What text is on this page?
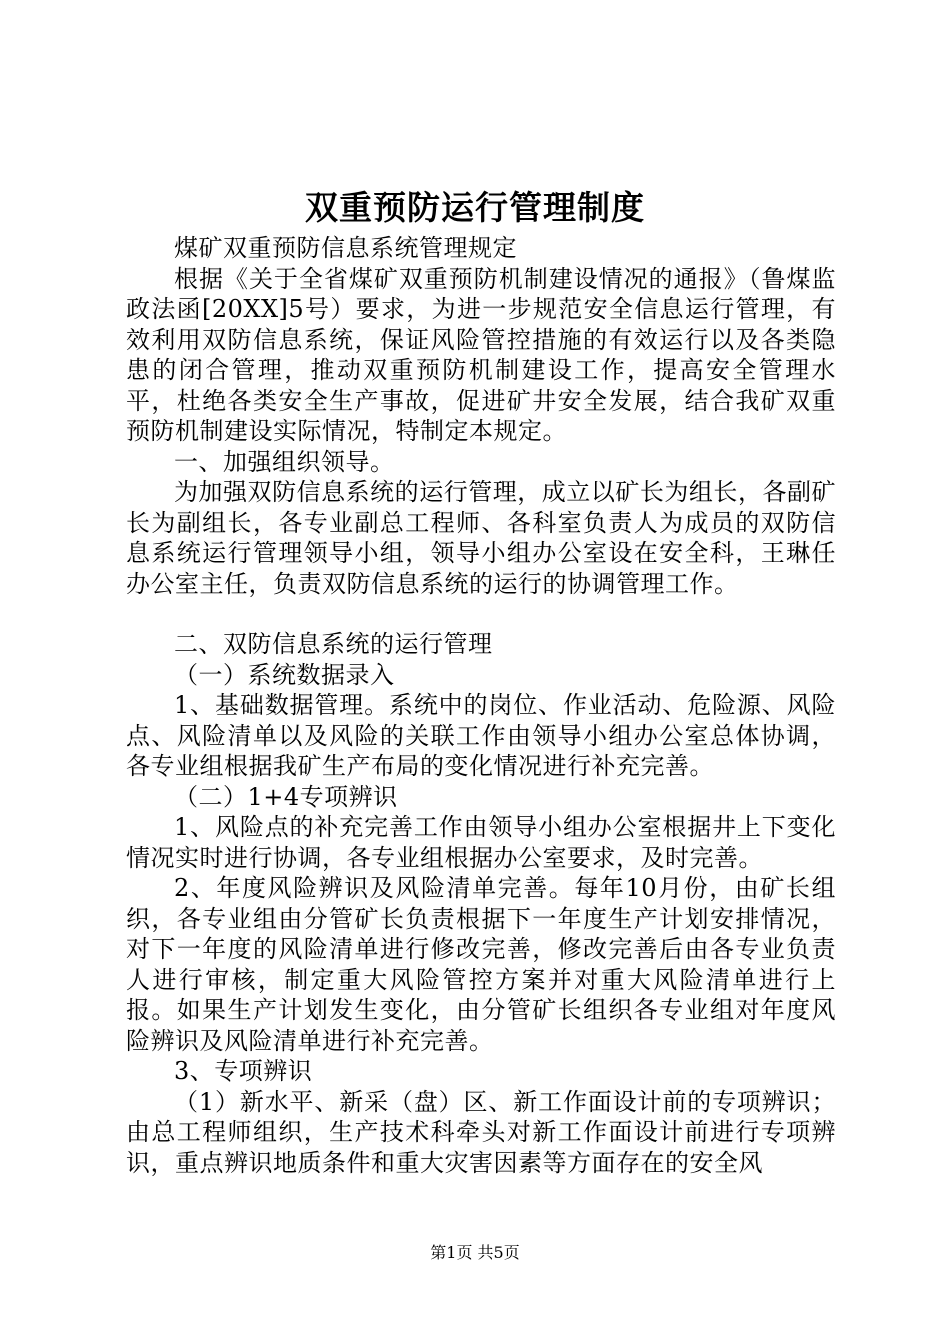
双重预防运行管理制度

煤矿双重预防信息系统管理规定

根据《关于全省煤矿双重预防机制建设情况的通报》（鲁煤监政法函[20XX]5号）要求，为进一步规范安全信息运行管理，有效利用双防信息系统，保证风险管控措施的有效运行以及各类隐患的闭合管理，推动双重预防机制建设工作，提高安全管理水平，杜绝各类安全生产事故，促进矿井安全发展，结合我矿双重预防机制建设实际情况，特制定本规定。

一、加强组织领导。

为加强双防信息系统的运行管理，成立以矿长为组长，各副矿长为副组长，各专业副总工程师、各科室负责人为成员的双防信息系统运行管理领导小组，领导小组办公室设在安全科，王琳任办公室主任，负责双防信息系统的运行的协调管理工作。

二、双防信息系统的运行管理

（一）系统数据录入

1、基础数据管理。系统中的岗位、作业活动、危险源、风险点、风险清单以及风险的关联工作由领导小组办公室总体协调，各专业组根据我矿生产布局的变化情况进行补充完善。

（二）1+4专项辨识

1、风险点的补充完善工作由领导小组办公室根据井上下变化情况实时进行协调，各专业组根据办公室要求，及时完善。

2、年度风险辨识及风险清单完善。每年10月份，由矿长组织，各专业组由分管矿长负责根据下一年度生产计划安排情况，对下一年度的风险清单进行修改完善，修改完善后由各专业负责人进行审核，制定重大风险管控方案并对重大风险清单进行上报。如果生产计划发生变化，由分管矿长组织各专业组对年度风险辨识及风险清单进行补充完善。

3、专项辨识

（1）新水平、新采（盘）区、新工作面设计前的专项辨识；由总工程师组织，生产技术科牵头对新工作面设计前进行专项辨识，重点辨识地质条件和重大灾害因素等方面存在的安全风

第1页 共5页
